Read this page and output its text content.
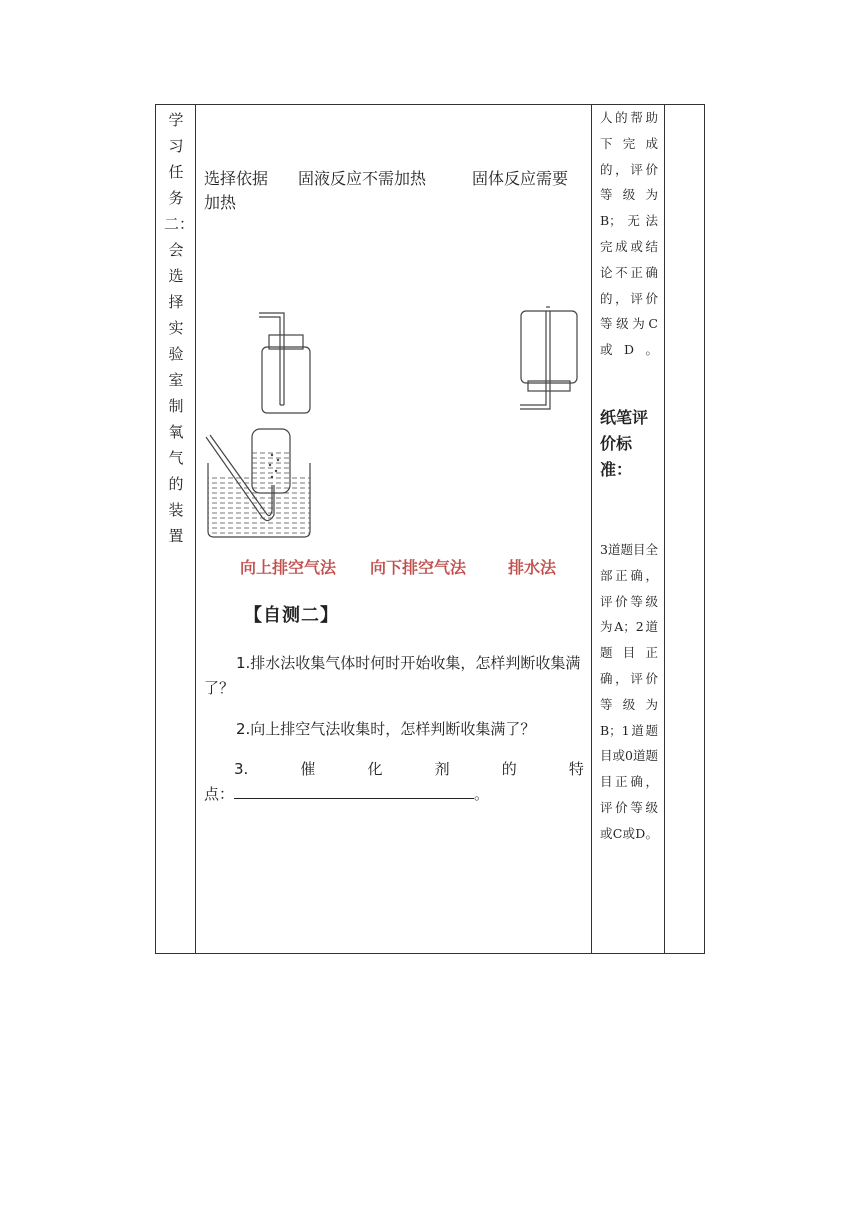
学习任务二：会选择实验室制氧气的装置
选择依据 固液反应不需加热	固体反应需要加热
向上排空气法 向下排空气法	排水法
【自测二】
1.排水法收集气体时何时开始收集，怎样判断收集满了？
2.向上排空气法收集时，怎样判断收集满了？
3.	催	化	剂	的	特
点：	。
人的帮助下完成的，评价等级为B；无法完成或结论不正确的，评价等级为C或D。
纸笔评价标准：
3道题目全部正确，评价等级为A；2道题目正确，评价等级为B；1道题目或0道题目正确，评价等级或C或D。
